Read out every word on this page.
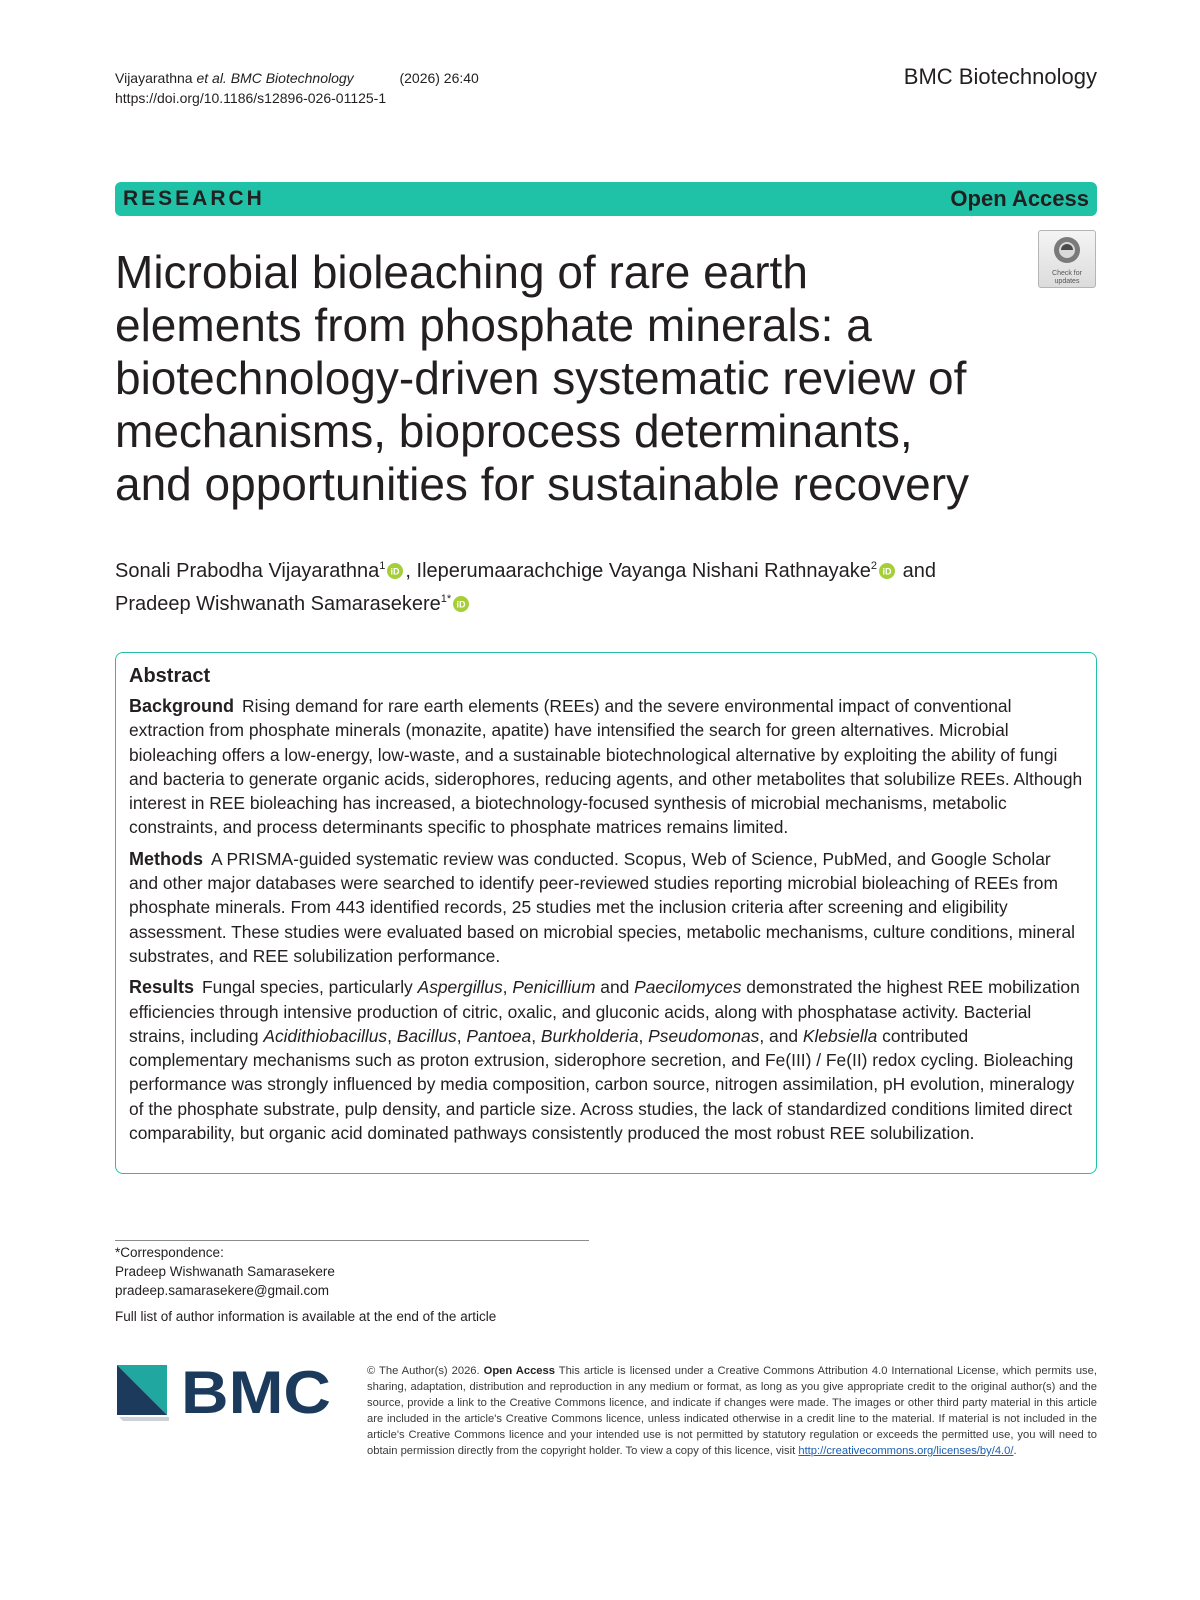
Vijayarathna et al. BMC Biotechnology	(2026) 26:40
https://doi.org/10.1186/s12896-026-01125-1
BMC Biotechnology
RESEARCH	Open Access
Check for
updates
Microbial bioleaching of rare earth elements from phosphate minerals: a biotechnology-driven systematic review of mechanisms, bioprocess determinants, and opportunities for sustainable recovery
Sonali Prabodha Vijayarathna$^1$ iD , Ileperumaarachchige Vayanga Nishani Rathnayake$^2$ iD and
Pradeep Wishwanath Samarasekere$^{1*}$ iD
Abstract

Background Rising demand for rare earth elements (REEs) and the severe environmental impact of conventional extraction from phosphate minerals (monazite, apatite) have intensified the search for green alternatives. Microbial bioleaching offers a low-energy, low-waste, and a sustainable biotechnological alternative by exploiting the ability of fungi and bacteria to generate organic acids, siderophores, reducing agents, and other metabolites that solubilize REEs. Although interest in REE bioleaching has increased, a biotechnology-focused synthesis of microbial mechanisms, metabolic constraints, and process determinants specific to phosphate matrices remains limited.

Methods A PRISMA-guided systematic review was conducted. Scopus, Web of Science, PubMed, and Google Scholar and other major databases were searched to identify peer-reviewed studies reporting microbial bioleaching of REEs from phosphate minerals. From 443 identified records, 25 studies met the inclusion criteria after screening and eligibility assessment. These studies were evaluated based on microbial species, metabolic mechanisms, culture conditions, mineral substrates, and REE solubilization performance.

Results Fungal species, particularly Aspergillus, Penicillium and Paecilomyces demonstrated the highest REE mobilization efficiencies through intensive production of citric, oxalic, and gluconic acids, along with phosphatase activity. Bacterial strains, including Acidithiobacillus, Bacillus, Pantoea, Burkholderia, Pseudomonas, and Klebsiella contributed complementary mechanisms such as proton extrusion, siderophore secretion, and Fe(III) / Fe(II) redox cycling. Bioleaching performance was strongly influenced by media composition, carbon source, nitrogen assimilation, pH evolution, mineralogy of the phosphate substrate, pulp density, and particle size. Across studies, the lack of standardized conditions limited direct comparability, but organic acid dominated pathways consistently produced the most robust REE solubilization.

*Correspondence:
Pradeep Wishwanath Samarasekere
pradeep.samarasekere@gmail.com
Full list of author information is available at the end of the article
BMC	© The Author(s) 2026. Open Access This article is licensed under a Creative Commons Attribution 4.0 International License, which permits use, sharing, adaptation, distribution and reproduction in any medium or format, as long as you give appropriate credit to the original author(s) and the source, provide a link to the Creative Commons licence, and indicate if changes were made. The images or other third party material in this article are included in the article's Creative Commons licence, unless indicated otherwise in a credit line to the material. If material is not included in the article's Creative Commons licence and your intended use is not permitted by statutory regulation or exceeds the permitted use, you will need to obtain permission directly from the copyright holder. To view a copy of this licence, visit http://creativecommons.org/licenses/by/4.0/.
